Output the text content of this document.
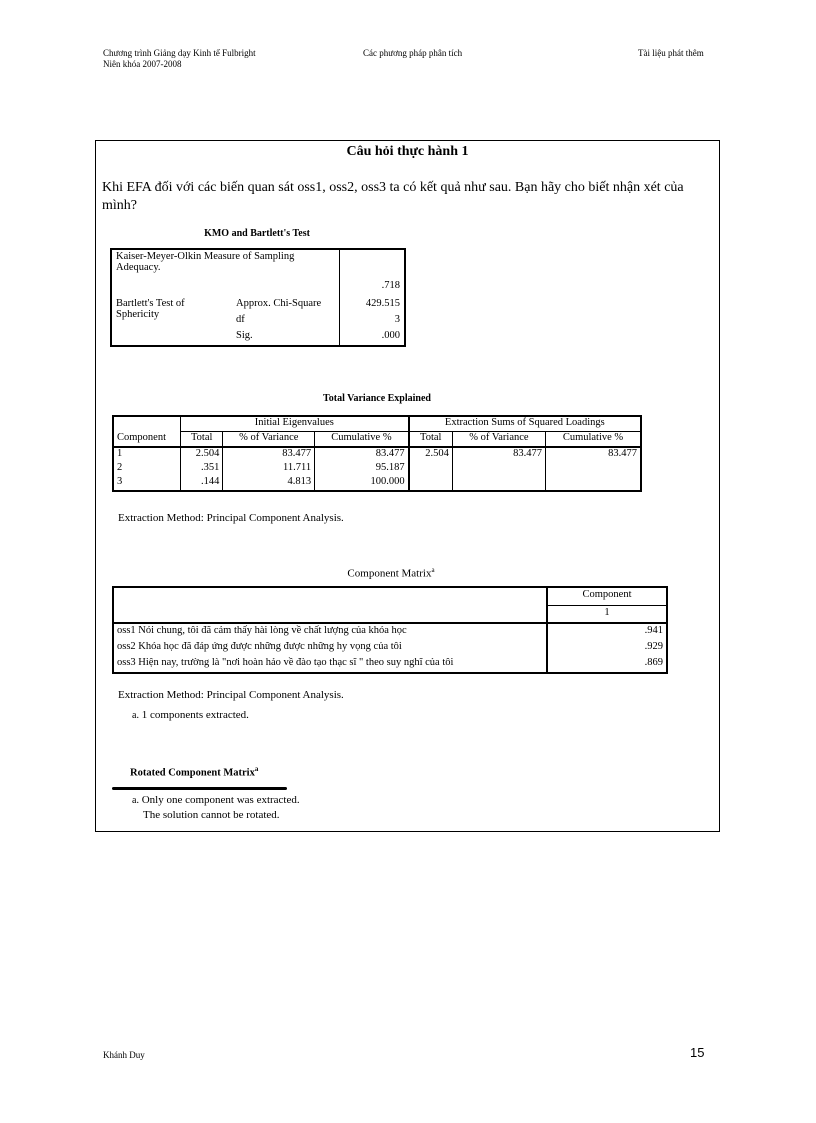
Chương trình Giảng dạy Kinh tế Fulbright
Niên khóa 2007-2008
Các phương pháp phân tích	Tài liệu phát thêm
Câu hỏi thực hành 1
Khi EFA đối với các biến quan sát oss1, oss2, oss3 ta có kết quả như sau. Bạn hãy cho biết nhận xét của mình?
KMO and Bartlett's Test
Kaiser-Meyer-Olkin Measure of Sampling Adequacy.		.718
Bartlett's Test of Sphericity	Approx. Chi-Square	429.515
	df	3
	Sig.	.000
Total Variance Explained
	Initial Eigenvalues			Extraction Sums of Squared Loadings		
Component	Total	% of Variance	Cumulative %	Total	% of Variance	Cumulative %
1	2.504	83.477	83.477	2.504	83.477	83.477
2	.351	11.711	95.187			
3	.144	4.813	100.000			
Extraction Method: Principal Component Analysis.
Component Matrix$^a$
	Component
	1
oss1 Nói chung, tôi đã cảm thấy hài lòng về chất lượng của khóa học	.941
oss2 Khóa học đã đáp ứng được những được những hy vọng của tôi	.929
oss3 Hiện nay, trường là "nơi hoàn hảo về đào tạo thạc sĩ " theo suy nghĩ của tôi	.869
Extraction Method: Principal Component Analysis.
a. 1 components extracted.
Rotated Component Matrix$^a$
a. Only one component was extracted.
The solution cannot be rotated.
Khánh Duy	15
